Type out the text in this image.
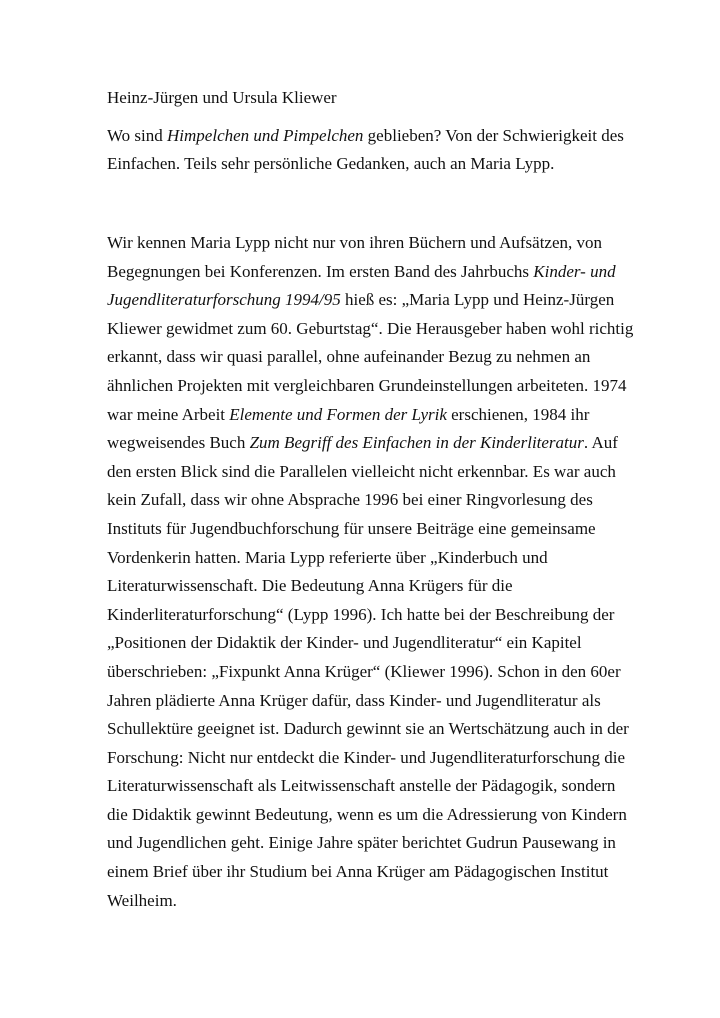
Heinz-Jürgen und Ursula Kliewer

Wo sind Himpelchen und Pimpelchen geblieben? Von der Schwierigkeit des
Einfachen. Teils sehr persönliche Gedanken, auch an Maria Lypp.
Wir kennen Maria Lypp nicht nur von ihren Büchern und Aufsätzen, von
Begegnungen bei Konferenzen. Im ersten Band des Jahrbuchs Kinder- und
Jugendliteraturforschung 1994/95 hieß es: „Maria Lypp und Heinz-Jürgen
Kliewer gewidmet zum 60. Geburtstag“. Die Herausgeber haben wohl richtig
erkannt, dass wir quasi parallel, ohne aufeinander Bezug zu nehmen an
ähnlichen Projekten mit vergleichbaren Grundeinstellungen arbeiteten. 1974
war meine Arbeit Elemente und Formen der Lyrik erschienen, 1984 ihr
wegweisendes Buch Zum Begriff des Einfachen in der Kinderliteratur. Auf
den ersten Blick sind die Parallelen vielleicht nicht erkennbar. Es war auch
kein Zufall, dass wir ohne Absprache 1996 bei einer Ringvorlesung des
Instituts für Jugendbuchforschung für unsere Beiträge eine gemeinsame
Vordenkerin hatten. Maria Lypp referierte über „Kinderbuch und
Literaturwissenschaft. Die Bedeutung Anna Krügers für die
Kinderliteraturforschung“ (Lypp 1996). Ich hatte bei der Beschreibung der
„Positionen der Didaktik der Kinder- und Jugendliteratur“ ein Kapitel
überschrieben: „Fixpunkt Anna Krüger“ (Kliewer 1996). Schon in den 60er
Jahren plädierte Anna Krüger dafür, dass Kinder- und Jugendliteratur als
Schullektüre geeignet ist. Dadurch gewinnt sie an Wertschätzung auch in der
Forschung: Nicht nur entdeckt die Kinder- und Jugendliteraturforschung die
Literaturwissenschaft als Leitwissenschaft anstelle der Pädagogik, sondern
die Didaktik gewinnt Bedeutung, wenn es um die Adressierung von Kindern
und Jugendlichen geht. Einige Jahre später berichtet Gudrun Pausewang in
einem Brief über ihr Studium bei Anna Krüger am Pädagogischen Institut
Weilheim.
